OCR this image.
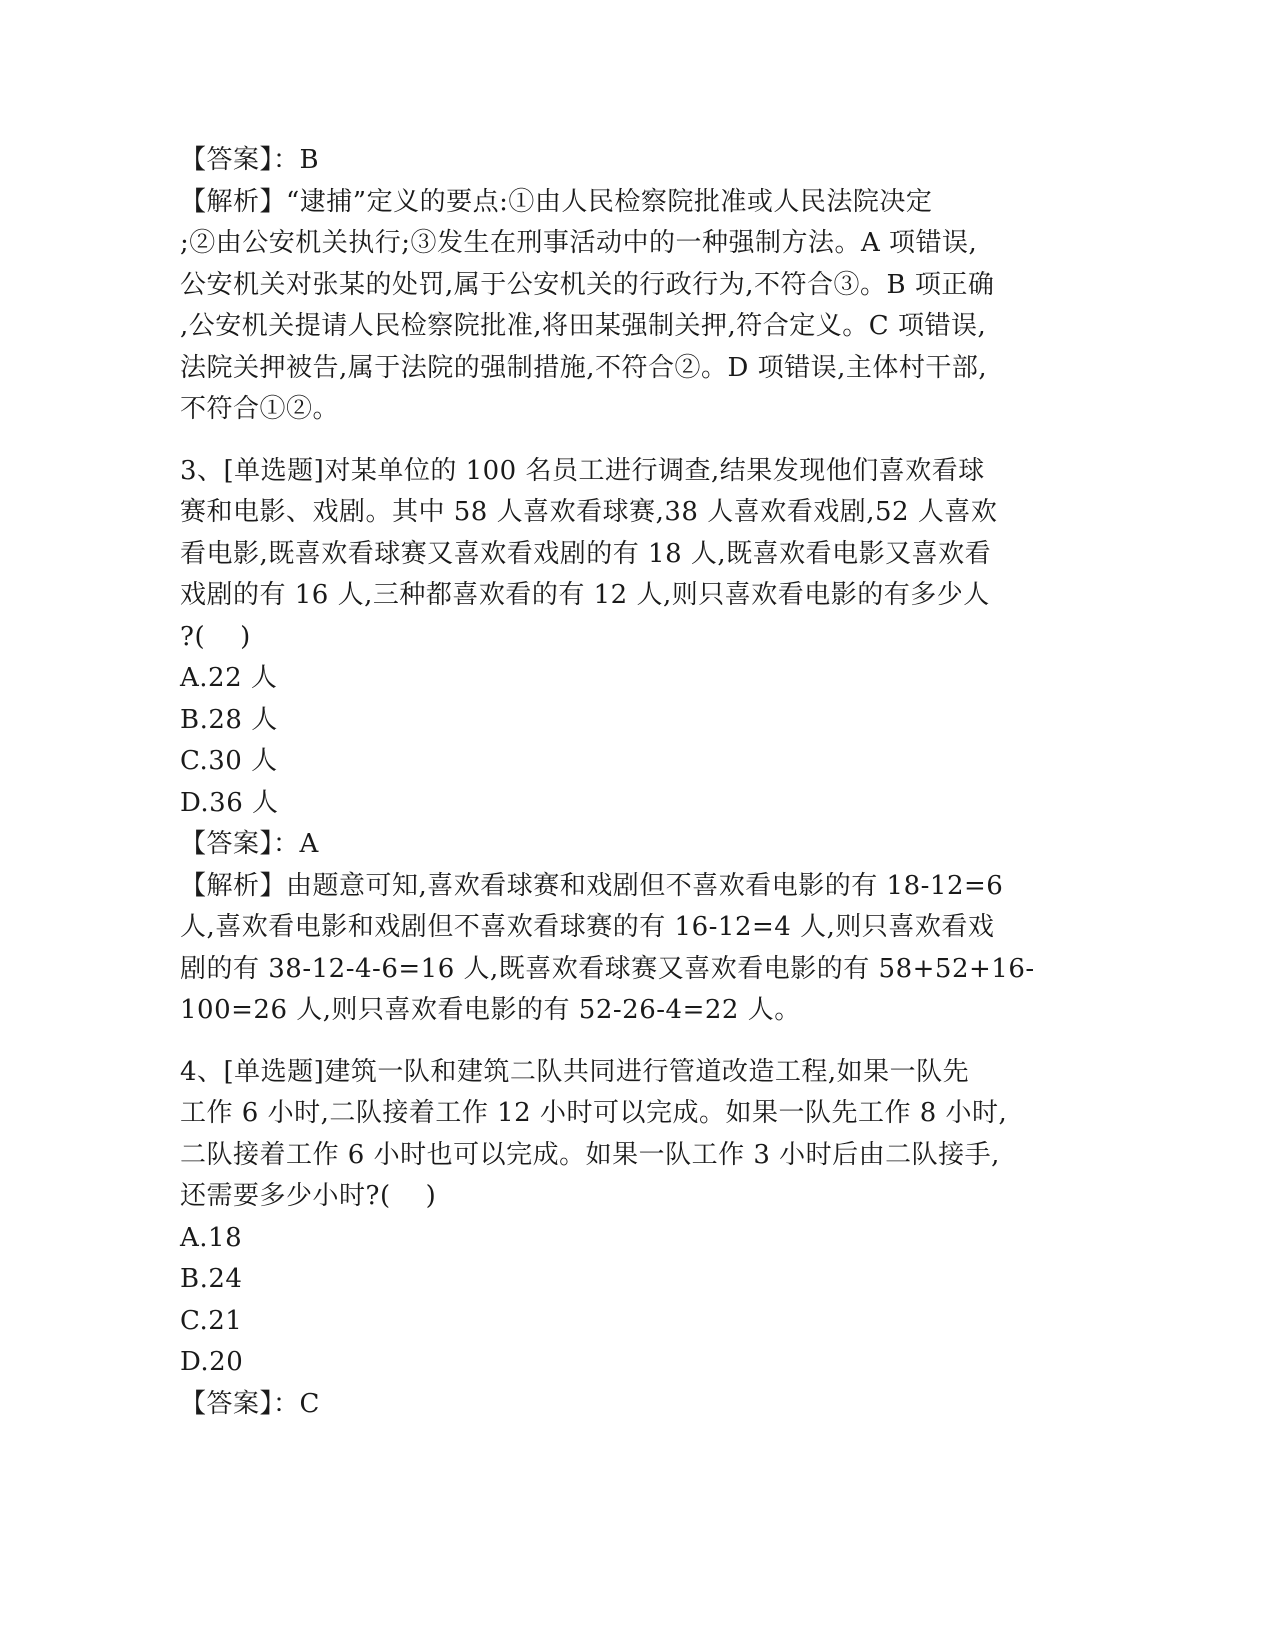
【答案】：B
【解析】“逮捕”定义的要点:①由人民检察院批准或人民法院决定
;②由公安机关执行;③发生在刑事活动中的一种强制方法。A 项错误,
公安机关对张某的处罚,属于公安机关的行政行为,不符合③。B 项正确
,公安机关提请人民检察院批准,将田某强制关押,符合定义。C 项错误,
法院关押被告,属于法院的强制措施,不符合②。D 项错误,主体村干部,
不符合①②。
3、[单选题]对某单位的 100 名员工进行调查,结果发现他们喜欢看球
赛和电影、戏剧。其中 58 人喜欢看球赛,38 人喜欢看戏剧,52 人喜欢
看电影,既喜欢看球赛又喜欢看戏剧的有 18 人,既喜欢看电影又喜欢看
戏剧的有 16 人,三种都喜欢看的有 12 人,则只喜欢看电影的有多少人
?(    )
A.22 人
B.28 人
C.30 人
D.36 人
【答案】：A
【解析】由题意可知,喜欢看球赛和戏剧但不喜欢看电影的有 18-12=6
人,喜欢看电影和戏剧但不喜欢看球赛的有 16-12=4 人,则只喜欢看戏
剧的有 38-12-4-6=16 人,既喜欢看球赛又喜欢看电影的有 58+52+16-
100=26 人,则只喜欢看电影的有 52-26-4=22 人。
4、[单选题]建筑一队和建筑二队共同进行管道改造工程,如果一队先
工作 6 小时,二队接着工作 12 小时可以完成。如果一队先工作 8 小时,
二队接着工作 6 小时也可以完成。如果一队工作 3 小时后由二队接手,
还需要多少小时?(    )
A.18
B.24
C.21
D.20
【答案】：C
